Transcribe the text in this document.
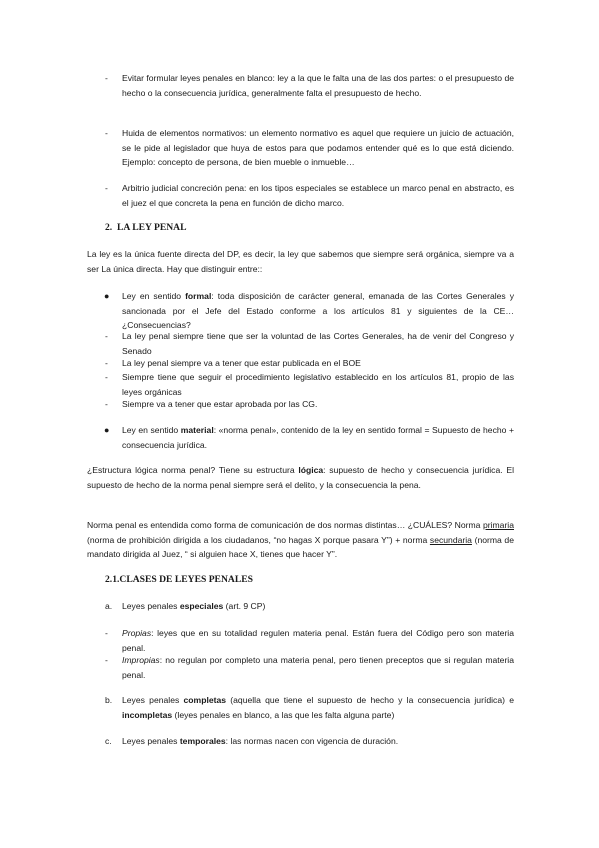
- Evitar formular leyes penales en blanco: ley a la que le falta una de las dos partes: o el presupuesto de hecho o la consecuencia jurídica, generalmente falta el presupuesto de hecho.

- Huida de elementos normativos: un elemento normativo es aquel que requiere un juicio de actuación, se le pide al legislador que huya de estos para que podamos entender qué es lo que está diciendo. Ejemplo: concepto de persona, de bien mueble o inmueble…

- Arbitrio judicial concreción pena: en los tipos especiales se establece un marco penal en abstracto, es el juez el que concreta la pena en función de dicho marco.

2. LA LEY PENAL

La ley es la única fuente directa del DP, es decir, la ley que sabemos que siempre será orgánica, siempre va a ser La única directa. Hay que distinguir entre::

● Ley en sentido formal: toda disposición de carácter general, emanada de las Cortes Generales y sancionada por el Jefe del Estado conforme a los artículos 81 y siguientes de la CE…¿Consecuencias?

- La ley penal siempre tiene que ser la voluntad de las Cortes Generales, ha de venir del Congreso y Senado

- La ley penal siempre va a tener que estar publicada en el BOE

- Siempre tiene que seguir el procedimiento legislativo establecido en los artículos 81, propio de las leyes orgánicas

- Siempre va a tener que estar aprobada por las CG.

● Ley en sentido material: «norma penal», contenido de la ley en sentido formal = Supuesto de hecho + consecuencia jurídica.

¿Estructura lógica norma penal? Tiene su estructura lógica: supuesto de hecho y consecuencia jurídica. El supuesto de hecho de la norma penal siempre será el delito, y la consecuencia la pena.

Norma penal es entendida como forma de comunicación de dos normas distintas… ¿CUÁLES? Norma primaria (norma de prohibición dirigida a los ciudadanos, “no hagas X porque pasara Y”) + norma secundaria (norma de mandato dirigida al Juez, “ si alguien hace X, tienes que hacer Y”.

2.1.CLASES DE LEYES PENALES
a. Leyes penales especiales (art. 9 CP)

- Propias: leyes que en su totalidad regulen materia penal. Están fuera del Código pero son materia penal.

- Impropias: no regulan por completo una materia penal, pero tienen preceptos que si regulan materia penal.

b. Leyes penales completas (aquella que tiene el supuesto de hecho y la consecuencia jurídica) e incompletas (leyes penales en blanco, a las que les falta alguna parte)

c. Leyes penales temporales: las normas nacen con vigencia de duración.
